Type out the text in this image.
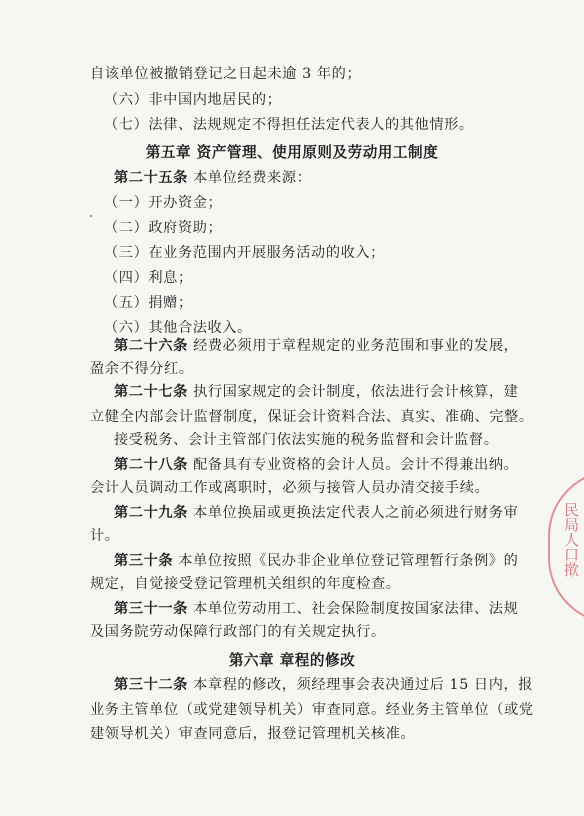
自该单位被撤销登记之日起未逾 3 年的；
（六）非中国内地居民的；
（七）法律、法规规定不得担任法定代表人的其他情形。
第五章 资产管理、使用原则及劳动用工制度
第二十五条 本单位经费来源：
（一）开办资金；
（二）政府资助；
（三）在业务范围内开展服务活动的收入；
（四）利息；
（五）捐赠；
（六）其他合法收入。
第二十六条 经费必须用于章程规定的业务范围和事业的发展，
盈余不得分红。
第二十七条 执行国家规定的会计制度，依法进行会计核算，建
立健全内部会计监督制度，保证会计资料合法、真实、准确、完整。
接受税务、会计主管部门依法实施的税务监督和会计监督。
第二十八条 配备具有专业资格的会计人员。会计不得兼出纳。
会计人员调动工作或离职时，必须与接管人员办清交接手续。
第二十九条 本单位换届或更换法定代表人之前必须进行财务审
计。
第三十条 本单位按照《民办非企业单位登记管理暂行条例》的
规定，自觉接受登记管理机关组织的年度检查。
第三十一条 本单位劳动用工、社会保险制度按国家法律、法规
及国务院劳动保障行政部门的有关规定执行。
第六章 章程的修改
第三十二条 本章程的修改，须经理事会表决通过后 15 日内，报
业务主管单位（或党建领导机关）审查同意。经业务主管单位（或党
建领导机关）审查同意后，报登记管理机关核准。
民局人口揿
